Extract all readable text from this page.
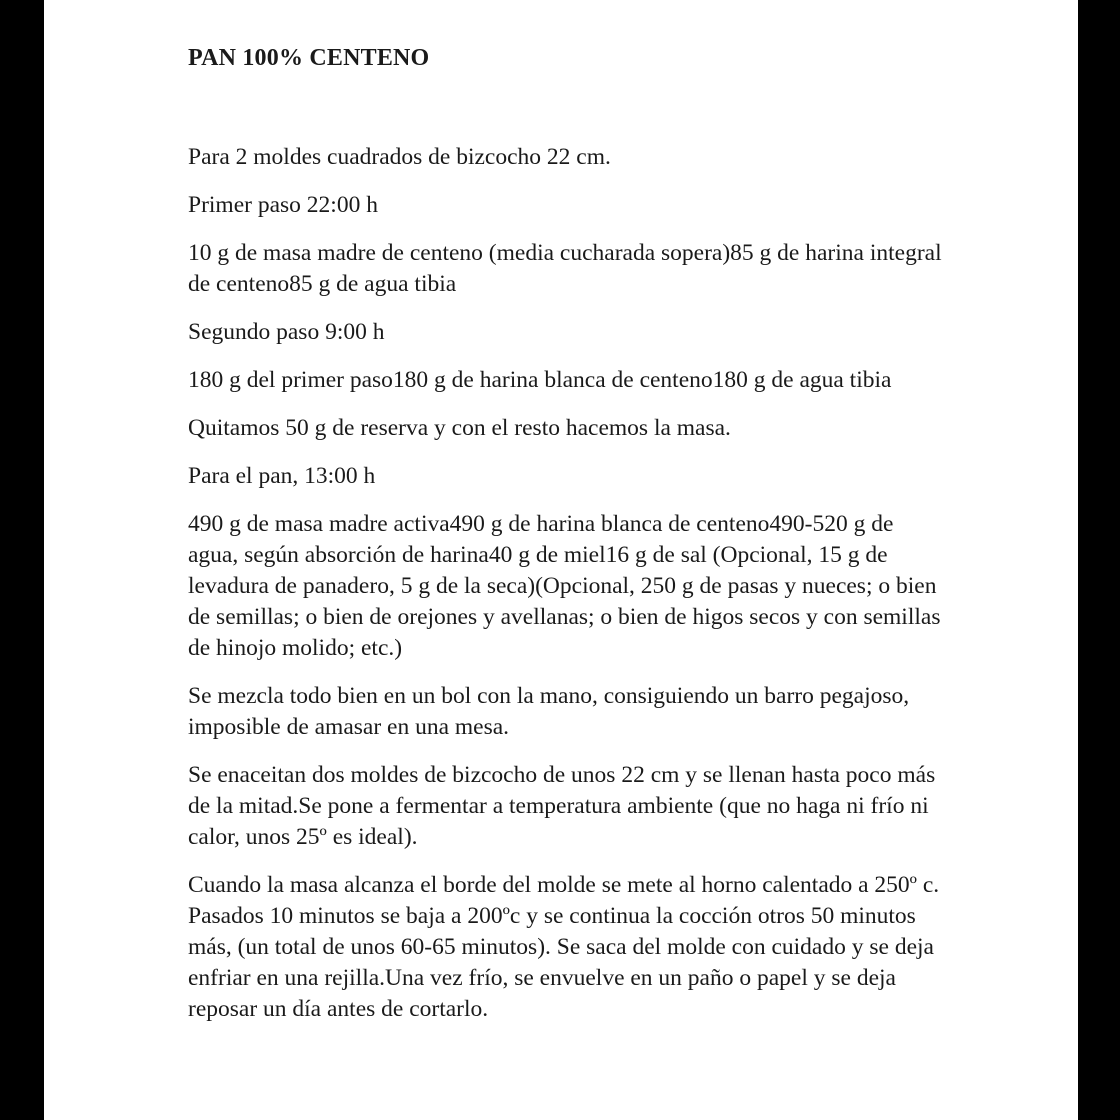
PAN 100% CENTENO

Para 2 moldes cuadrados de bizcocho 22 cm.

Primer paso 22:00 h

10 g de masa madre de centeno (media cucharada sopera)85 g de harina integral de centeno85 g de agua tibia

Segundo paso 9:00 h

180 g del primer paso180 g de harina blanca de centeno180 g de agua tibia

Quitamos 50 g de reserva y con el resto hacemos la masa.

Para el pan, 13:00 h

490 g de masa madre activa490 g de harina blanca de centeno490-520 g de agua, según absorción de harina40 g de miel16 g de sal (Opcional, 15 g de levadura de panadero, 5 g de la seca)(Opcional, 250 g de pasas y nueces; o bien de semillas; o bien de orejones y avellanas; o bien de higos secos y con semillas de hinojo molido; etc.)

Se mezcla todo bien en un bol con la mano, consiguiendo un barro pegajoso, imposible de amasar en una mesa.

Se enaceitan dos moldes de bizcocho de unos 22 cm y se llenan hasta poco más de la mitad.Se pone a fermentar a temperatura ambiente (que no haga ni frío ni calor, unos 25º es ideal).

Cuando la masa alcanza el borde del molde se mete al horno calentado a 250º c. Pasados 10 minutos se baja a 200ºc y se continua la cocción otros 50 minutos más, (un total de unos 60-65 minutos). Se saca del molde con cuidado y se deja enfriar en una rejilla.Una vez frío, se envuelve en un paño o papel y se deja reposar un día antes de cortarlo.
